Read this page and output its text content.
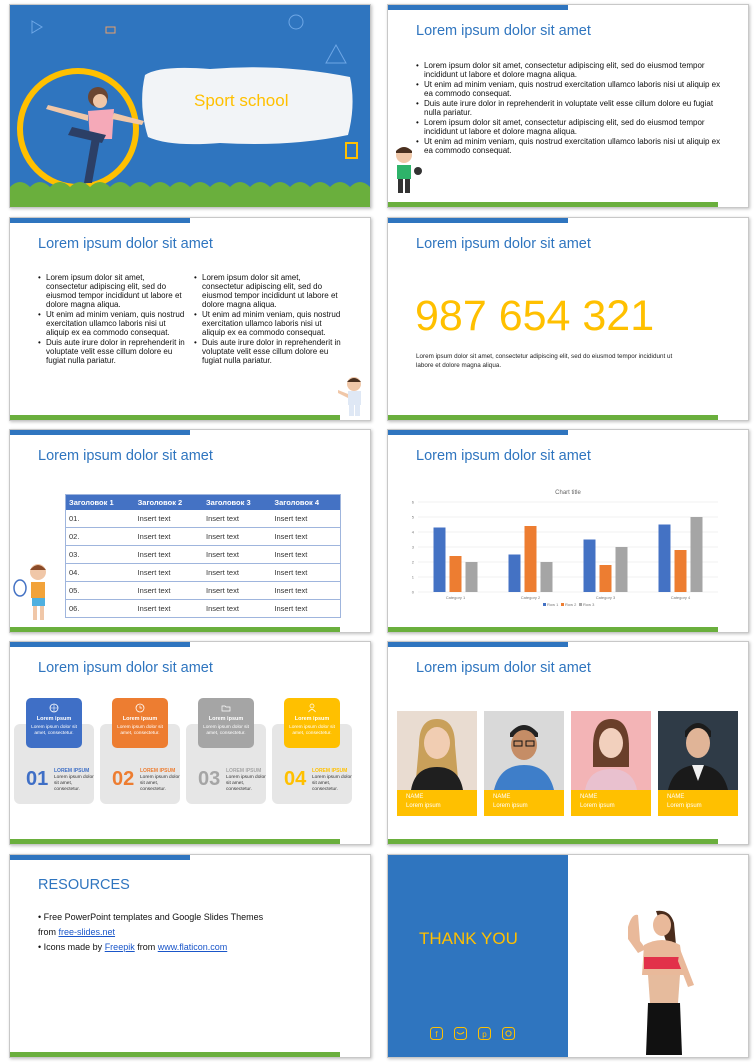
Sport school
Lorem ipsum dolor sit amet
• Lorem ipsum dolor sit amet, consectetur adipiscing elit, sed do eiusmod tempor incididunt ut labore et dolore magna aliqua.
• Ut enim ad minim veniam, quis nostrud exercitation ullamco laboris nisi ut aliquip ex ea commodo consequat.
• Duis aute irure dolor in reprehenderit in voluptate velit esse cillum dolore eu fugiat nulla pariatur.
• Lorem ipsum dolor sit amet, consectetur adipiscing elit, sed do eiusmod tempor incididunt ut labore et dolore magna aliqua.
• Ut enim ad minim veniam, quis nostrud exercitation ullamco laboris nisi ut aliquip ex ea commodo consequat.
Lorem ipsum dolor sit amet
• Lorem ipsum dolor sit amet, consectetur adipiscing elit, sed do eiusmod tempor incididunt ut labore et dolore magna aliqua.
• Ut enim ad minim veniam, quis nostrud exercitation ullamco laboris nisi ut aliquip ex ea commodo consequat.
• Duis aute irure dolor in reprehenderit in voluptate velit esse cillum dolore eu fugiat nulla pariatur.
• Lorem ipsum dolor sit amet, consectetur adipiscing elit, sed do eiusmod tempor incididunt ut labore et dolore magna aliqua.
• Ut enim ad minim veniam, quis nostrud exercitation ullamco laboris nisi ut aliquip ex ea commodo consequat.
• Duis aute irure dolor in reprehenderit in voluptate velit esse cillum dolore eu fugiat nulla pariatur.
Lorem ipsum dolor sit amet
987 654 321
Lorem ipsum dolor sit amet, consectetur adipiscing elit, sed do eiusmod tempor incididunt ut labore et dolore magna aliqua.
Lorem ipsum dolor sit amet
Заголовок 1	Заголовок 2	Заголовок 3	Заголовок 4
01.	Insert text	Insert text	Insert text
02.	Insert text	Insert text	Insert text
03.	Insert text	Insert text	Insert text
04.	Insert text	Insert text	Insert text
05.	Insert text	Insert text	Insert text
06.	Insert text	Insert text	Insert text
Lorem ipsum dolor sit amet
Chart title
0
1
2
3
4
5
6
Category 1	Category 2	Category 3	Category 4
Row 1 Row 2 Row 3
Lorem ipsum dolor sit amet
Lorem ipsum
Lorem ipsum dolor sit amet, consectetur.
01 LOREM IPSUM
Lorem ipsum dolor sit amet, consectetur.
Lorem ipsum
Lorem ipsum dolor sit amet, consectetur.
02 LOREM IPSUM
Lorem ipsum dolor sit amet, consectetur.
Lorem ipsum
Lorem ipsum dolor sit amet, consectetur.
03 LOREM IPSUM
Lorem ipsum dolor sit amet, consectetur.
Lorem ipsum
Lorem ipsum dolor sit amet, consectetur.
04 LOREM IPSUM
Lorem ipsum dolor sit amet, consectetur.
Lorem ipsum dolor sit amet
NAME
Lorem ipsum
NAME
Lorem ipsum
NAME
Lorem ipsum
NAME
Lorem ipsum
RESOURCES
• Free PowerPoint templates and Google Slides Themes
from free-slides.net
• Icons made by Freepik from www.flaticon.com	THANK YOU
f	p
